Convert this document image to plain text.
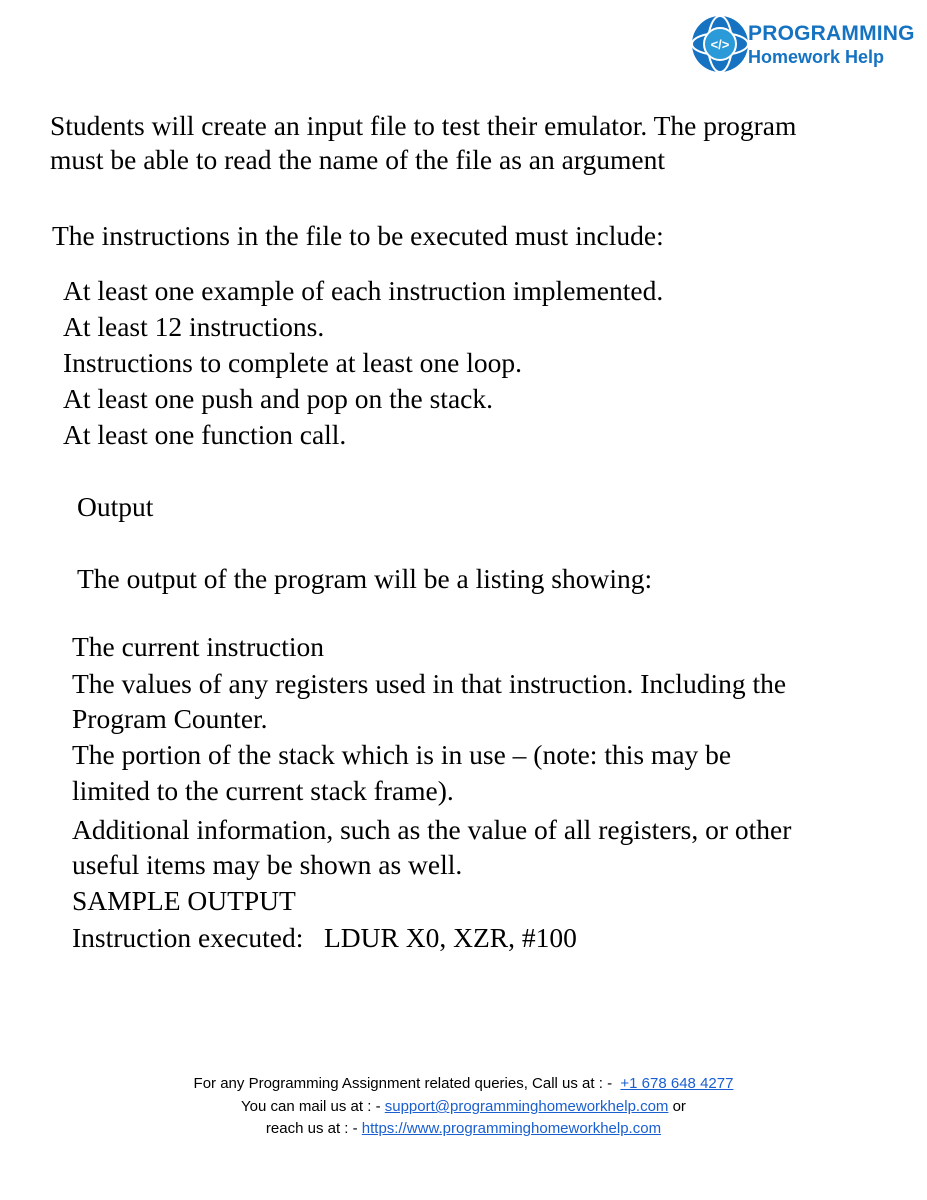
</> PROGRAMMING
Homework Help
Students will create an input file to test their emulator. The program
must be able to read the name of the file as an argument
The instructions in the file to be executed must include:
At least one example of each instruction implemented.
At least 12 instructions.
Instructions to complete at least one loop.
At least one push and pop on the stack.
At least one function call.
Output
The output of the program will be a listing showing:
The current instruction
The values of any registers used in that instruction. Including the
Program Counter.
The portion of the stack which is in use – (note: this may be
limited to the current stack frame).
Additional information, such as the value of all registers, or other
useful items may be shown as well.
SAMPLE OUTPUT
Instruction executed:   LDUR X0, XZR, #100
For any Programming Assignment related queries, Call us at : -  +1 678 648 4277
You can mail us at : - support@programminghomeworkhelp.com or
reach us at : - https://www.programminghomeworkhelp.com
